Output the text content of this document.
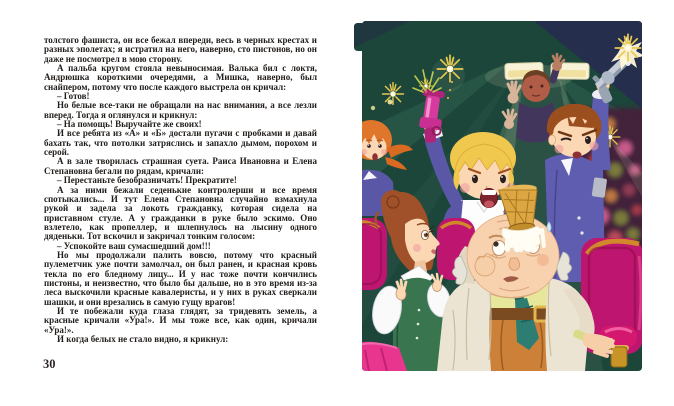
толстого фашиста, он все бежал впереди, весь в черных крестах и разных эполетах; я истратил на него, наверно, сто пистонов, но он даже не посмотрел в мою сторону.

А пальба кругом стояла невыносимая. Валька бил с локтя, Андрюшка короткими очередями, а Мишка, наверно, был снайпером, потому что после каждого выстрела он кричал:

– Готов!

Но белые все-таки не обращали на нас внимания, а все лезли вперед. Тогда я оглянулся и крикнул:

– На помощь! Выручайте же своих!

И все ребята из «А» и «Б» достали пугачи с пробками и давай бахать так, что потолки затряслись и запахло дымом, порохом и серой.

А в зале творилась страшная суета. Раиса Ивановна и Елена Степановна бегали по рядам, кричали:

– Перестаньте безобразничать! Прекратите!

А за ними бежали седенькие контролерши и все время спотыкались... И тут Елена Степановна случайно взмахнула рукой и задела за локоть гражданку, которая сидела на приставном стуле. А у гражданки в руке было эскимо. Оно взлетело, как пропеллер, и шлепнулось на лысину одного дяденьки. Тот вскочил и закричал тонким голосом:

– Успокойте ваш сумасшедший дом!!!

Но мы продолжали палить вовсю, потому что красный пулеметчик уже почти замолчал, он был ранен, и красная кровь текла по его бледному лицу... И у нас тоже почти кончились пистоны, и неизвестно, что было бы дальше, но в это время из-за леса выскочили красные кавалеристы, и у них в руках сверкали шашки, и они врезались в самую гущу врагов!

И те побежали куда глаза глядят, за тридевять земель, а красные кричали «Ура!». И мы тоже все, как один, кричали «Ура!».

И когда белых не стало видно, я крикнул:

30
